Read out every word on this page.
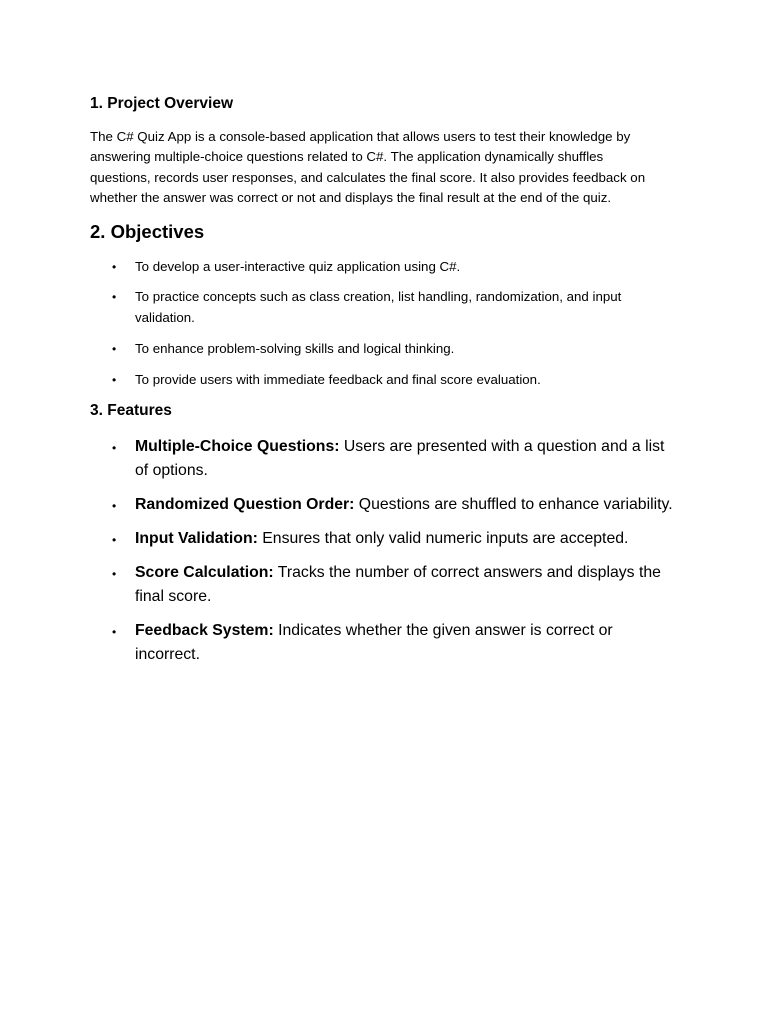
1. Project Overview

The C# Quiz App is a console-based application that allows users to test their knowledge by
answering multiple-choice questions related to C#. The application dynamically shuffles
questions, records user responses, and calculates the final score. It also provides feedback on
whether the answer was correct or not and displays the final result at the end of the quiz.

2. Objectives
• To develop a user-interactive quiz application using C#.
• To practice concepts such as class creation, list handling, randomization, and input
validation.
• To enhance problem-solving skills and logical thinking.
• To provide users with immediate feedback and final score evaluation.
3. Features
• Multiple-Choice Questions: Users are presented with a question and a list
of options.
• Randomized Question Order: Questions are shuffled to enhance variability.
• Input Validation: Ensures that only valid numeric inputs are accepted.
• Score Calculation: Tracks the number of correct answers and displays the
final score.
• Feedback System: Indicates whether the given answer is correct or
incorrect.
